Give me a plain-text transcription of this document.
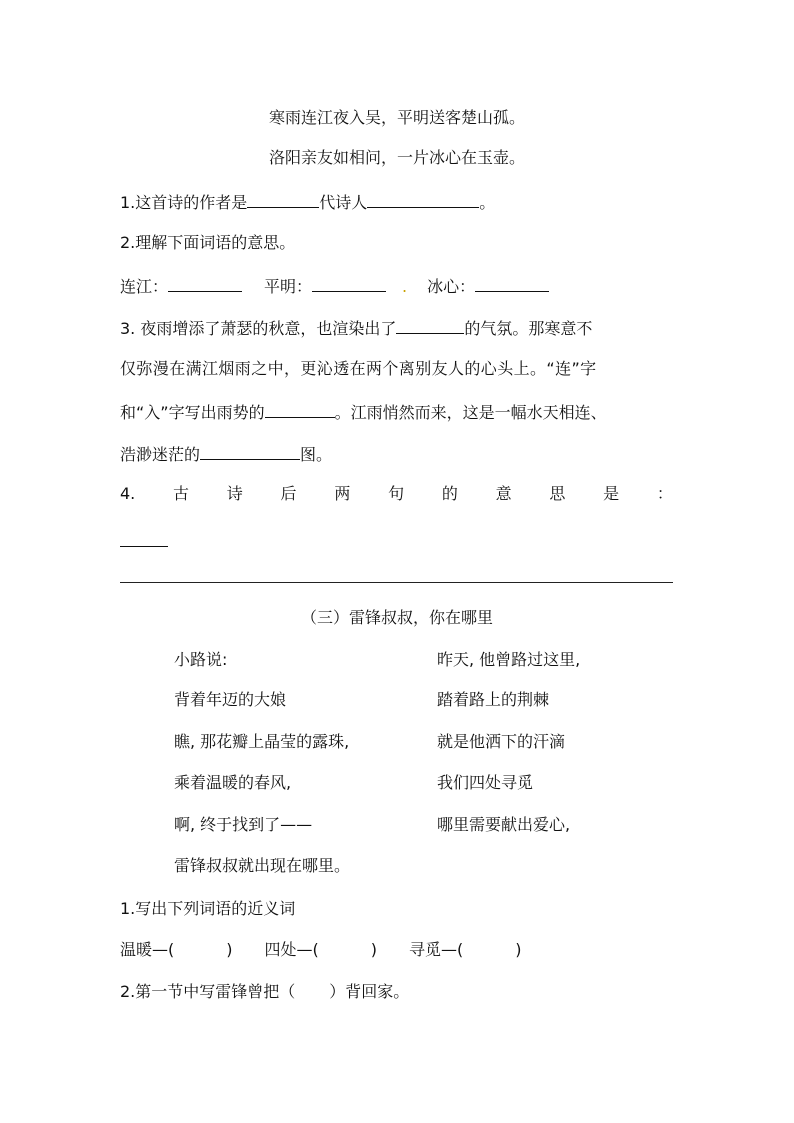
寒雨连江夜入吴，平明送客楚山孤。
洛阳亲友如相问，一片冰心在玉壶。
1.这首诗的作者是	代诗人	。
2.理解下面词语的意思。
连江：	平明：	. 冰心：
3. 夜雨增添了萧瑟的秋意，也渲染出了	的气氛。那寒意不
仅弥漫在满江烟雨之中，更沁透在两个离别友人的心头上。“连”字
和“入”字写出雨势的	。江雨悄然而来，这是一幅水天相连、
浩渺迷茫的	图。
4. 古 诗 后 两 句 的 意 思 是 ：
（三）雷锋叔叔，你在哪里
小路说:	昨天, 他曾路过这里,
背着年迈的大娘	踏着路上的荆棘
瞧, 那花瓣上晶莹的露珠,	就是他洒下的汗滴
乘着温暖的春风,	我们四处寻觅
啊, 终于找到了——	哪里需要献出爱心,
雷锋叔叔就出现在哪里。
1.写出下列词语的近义词
温暖—(	) 四处—(	) 寻觅—(	)
2.第一节中写雷锋曾把（ ）背回家。
